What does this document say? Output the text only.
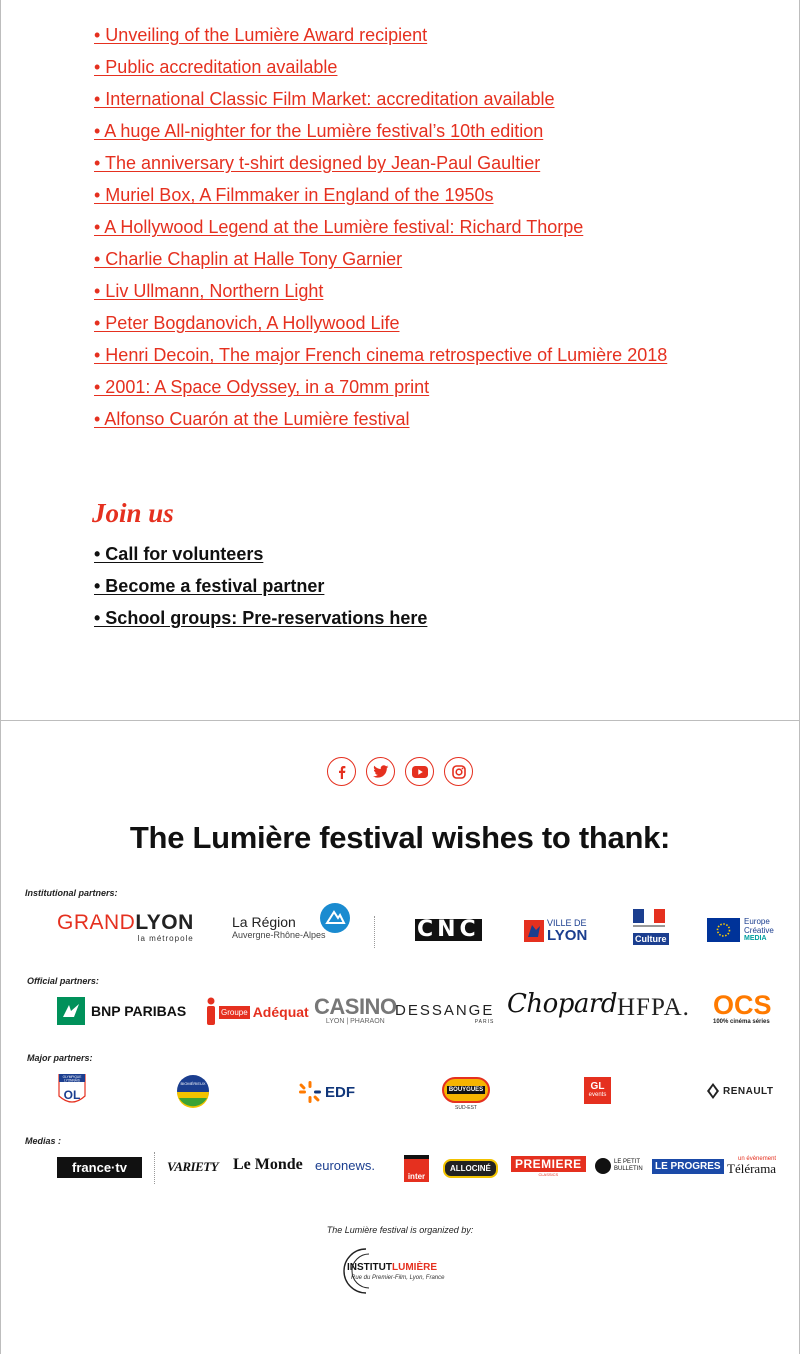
• Unveiling of the Lumière Award recipient
• Public accreditation available
• International Classic Film Market: accreditation available
• A huge All-nighter for the Lumière festival’s 10th edition
• The anniversary t-shirt designed by Jean-Paul Gaultier
• Muriel Box, A Filmmaker in England of the 1950s
• A Hollywood Legend at the Lumière festival: Richard Thorpe
• Charlie Chaplin at Halle Tony Garnier
• Liv Ullmann, Northern Light
• Peter Bogdanovich, A Hollywood Life
• Henri Decoin, The major French cinema retrospective of Lumière 2018
• 2001: A Space Odyssey, in a 70mm print
• Alfonso Cuarón at the Lumière festival
Join us
• Call for volunteers
• Become a festival partner
• School groups: Pre-reservations here
The Lumière festival wishes to thank:
Institutional partners:
GRANDLYON
la métropole
La Région
Auvergne-Rhône-Alpes	CNC	VILLE DE
LYON	Culture
Europe
Créative
MEDIA
Official partners:
BNP PARIBAS	Groupe Adéquat CASINO
LYON | PHARAON
DESSANGE
PARIS
Chopard HFPA. OCS
100% cinéma séries
Major partners:
OL
OLYMPIQUE
LYONNAIS
BIOMÉRIEUX	EDF	BOUYGUES
SUD-EST
GL
events	RENAULT
Medias :
france·tv	VARIETY Le Monde euronews.
inter
ALLOCINÉ	PREMIERE
CLASSICS
LE PETIT
BULLETIN	LE PROGRES
un évènement
Télérama
The Lumière festival is organized by:
INSTITUTLUMIÈRE
Rue du Premier-Film, Lyon, France
